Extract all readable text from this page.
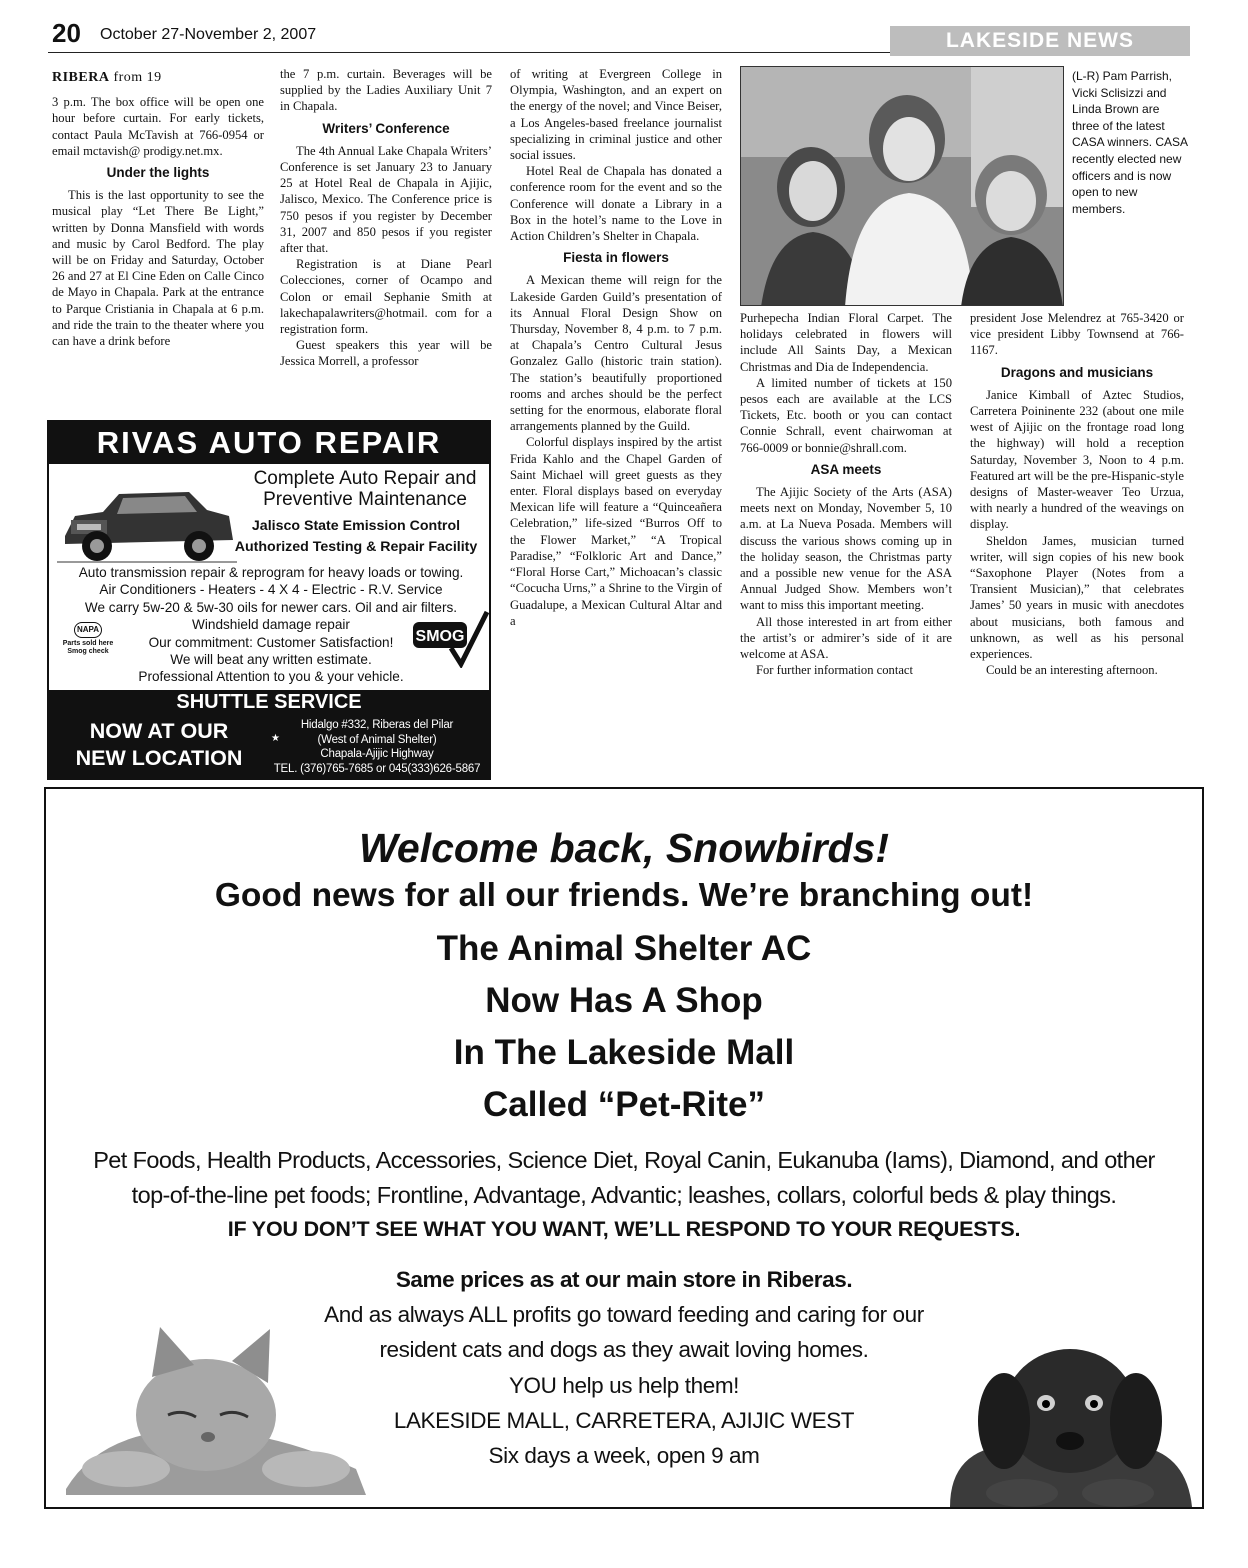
20 October 27-November 2, 2007	LAKESIDE NEWS
RIBERA from 19

3 p.m. The box office will be open one hour before curtain. For early tickets, contact Paula McTavish at 766-0954 or email mctavish@ prodigy.net.mx.

Under the lights

This is the last opportunity to see the musical play “Let There Be Light,” written by Donna Mansfield with words and music by Carol Bedford. The play will be on Friday and Saturday, October 26 and 27 at El Cine Eden on Calle Cinco de Mayo in Chapala. Park at the entrance to Parque Cristiania in Chapala at 6 p.m. and ride the train to the theater where you can have a drink before

the 7 p.m. curtain. Beverages will be supplied by the Ladies Auxiliary Unit 7 in Chapala.

Writers’ Conference

The 4th Annual Lake Chapala Writers’ Conference is set January 23 to January 25 at Hotel Real de Chapala in Ajijic, Jalisco, Mexico. The Conference price is 750 pesos if you register by December 31, 2007 and 850 pesos if you register after that.

Registration is at Diane Pearl Colecciones, corner of Ocampo and Colon or email Sephanie Smith at lakechapalawriters@hotmail. com for a registration form.

Guest speakers this year will be Jessica Morrell, a professor

RIVAS AUTO REPAIR
Complete Auto Repair and Preventive Maintenance
Jalisco State Emission Control
Authorized Testing & Repair Facility
Auto transmission repair & reprogram for heavy loads or towing.
Air Conditioners - Heaters - 4 X 4 - Electric - R.V. Service
We carry 5w-20 & 5w-30 oils for newer cars. Oil and air filters.
Windshield damage repair
Our commitment: Customer Satisfaction!
We will beat any written estimate.
Professional Attention to you & your vehicle.
NAPA
Parts sold here
Smog check
SMOG
SHUTTLE SERVICE
NOW AT OUR
NEW LOCATION
★
Hidalgo #332, Riberas del Pilar
(West of Animal Shelter)
Chapala-Ajijic Highway
TEL. (376)765-7685 or 045(333)626-5867

of writing at Evergreen College in Olympia, Washington, and an expert on the energy of the novel; and Vince Beiser, a Los Angeles-based freelance journalist specializing in criminal justice and other social issues.

Hotel Real de Chapala has donated a conference room for the event and so the Conference will donate a Library in a Box in the hotel’s name to the Love in Action Children’s Shelter in Chapala.

Fiesta in flowers

A Mexican theme will reign for the Lakeside Garden Guild’s presentation of its Annual Floral Design Show on Thursday, November 8, 4 p.m. to 7 p.m. at Chapala’s Centro Cultural Jesus Gonzalez Gallo (historic train station). The station’s beautifully proportioned rooms and arches should be the perfect setting for the enormous, elaborate floral arrangements planned by the Guild.

Colorful displays inspired by the artist Frida Kahlo and the Chapel Garden of Saint Michael will greet guests as they enter. Floral displays based on everyday Mexican life will feature a “Quinceañera Celebration,” life-sized “Burros Off to the Flower Market,” “A Tropical Paradise,” “Folkloric Art and Dance,” “Floral Horse Cart,” Michoacan’s classic “Cocucha Urns,” a Shrine to the Virgin of Guadalupe, a Mexican Cultural Altar and a

(L-R) Pam Parrish, Vicki Sclisizzi and Linda Brown are three of the latest CASA winners. CASA recently elected new officers and is now open to new members.

Purhepecha Indian Floral Carpet. The holidays celebrated in flowers will include All Saints Day, a Mexican Christmas and Dia de Independencia.

A limited number of tickets at 150 pesos each are available at the LCS Tickets, Etc. booth or you can contact Connie Schrall, event chairwoman at 766-0009 or bonnie@shrall.com.

ASA meets

The Ajijic Society of the Arts (ASA) meets next on Monday, November 5, 10 a.m. at La Nueva Posada. Members will discuss the various shows coming up in the holiday season, the Christmas party and a possible new venue for the ASA Annual Judged Show. Members won’t want to miss this important meeting.

All those interested in art from either the artist’s or admirer’s side of it are welcome at ASA.

For further information contact

president Jose Melendrez at 765-3420 or vice president Libby Townsend at 766-1167.

Dragons and musicians

Janice Kimball of Aztec Studios, Carretera Poininente 232 (about one mile west of Ajijic on the frontage road long the highway) will hold a reception Saturday, November 3, Noon to 4 p.m. Featured art will be the pre-Hispanic-style designs of Master-weaver Teo Urzua, with nearly a hundred of the weavings on display.

Sheldon James, musician turned writer, will sign copies of his new book “Saxophone Player (Notes from a Transient Musician),” that celebrates James’ 50 years in music with anecdotes about musicians, both famous and unknown, as well as his personal experiences.

Could be an interesting afternoon.

Welcome back, Snowbirds!
Good news for all our friends. We’re branching out!
The Animal Shelter AC
Now Has A Shop
In The Lakeside Mall
Called “Pet-Rite”
Pet Foods, Health Products, Accessories, Science Diet, Royal Canin, Eukanuba (Iams), Diamond, and other
top-of-the-line pet foods; Frontline, Advantage, Advantic; leashes, collars, colorful beds & play things.
IF YOU DON’T SEE WHAT YOU WANT, WE’LL RESPOND TO YOUR REQUESTS.
Same prices as at our main store in Riberas.
And as always ALL profits go toward feeding and caring for our
resident cats and dogs as they await loving homes.
YOU help us help them!
LAKESIDE MALL, CARRETERA, AJIJIC WEST
Six days a week, open 9 am
